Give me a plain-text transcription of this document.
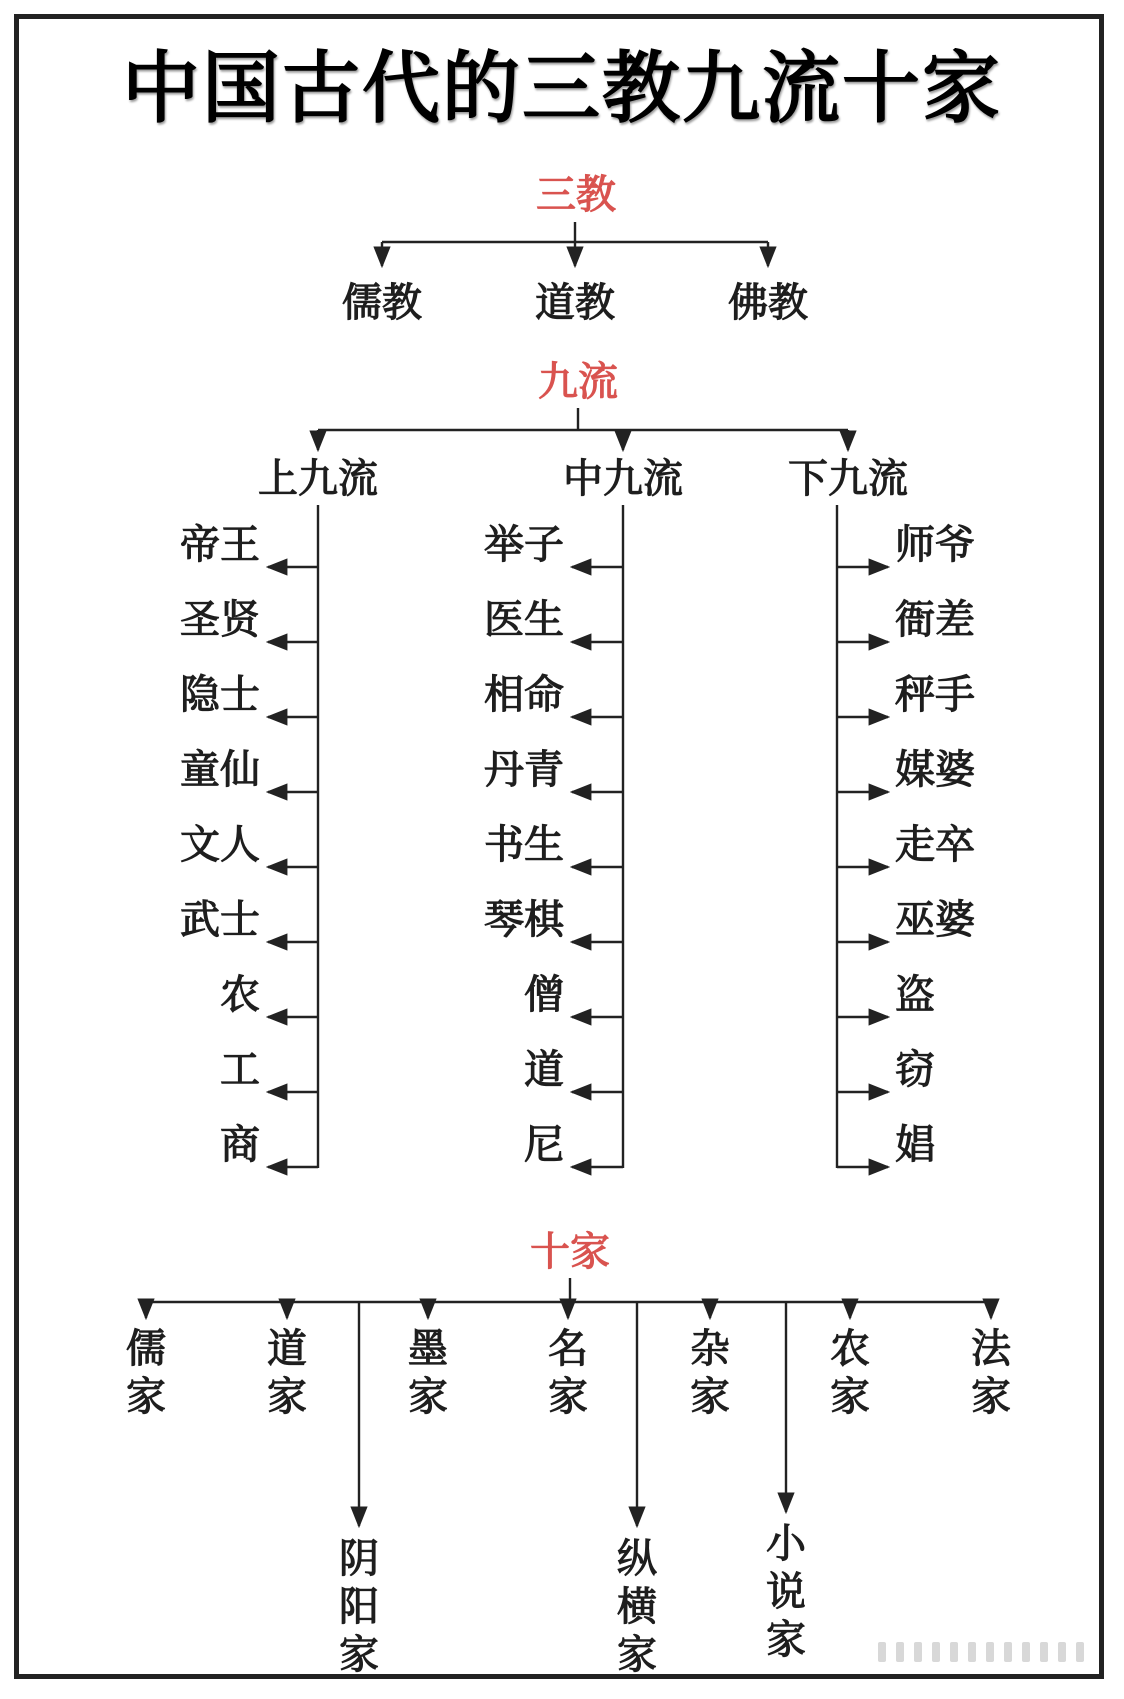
中国古代的三教九流十家
三教
儒教	道教	佛教
九流
上九流	中九流	下九流
帝王
圣贤
隐士
童仙
文人
武士
农
工
商
举子
医生
相命
丹青
书生
琴棋
僧
道
尼
师爷
衙差
秤手
媒婆
走卒
巫婆
盗
窃
娼
十家
儒家
道家
墨家
名家
杂家
农家
法家
阴阳家
纵横家
小说家
